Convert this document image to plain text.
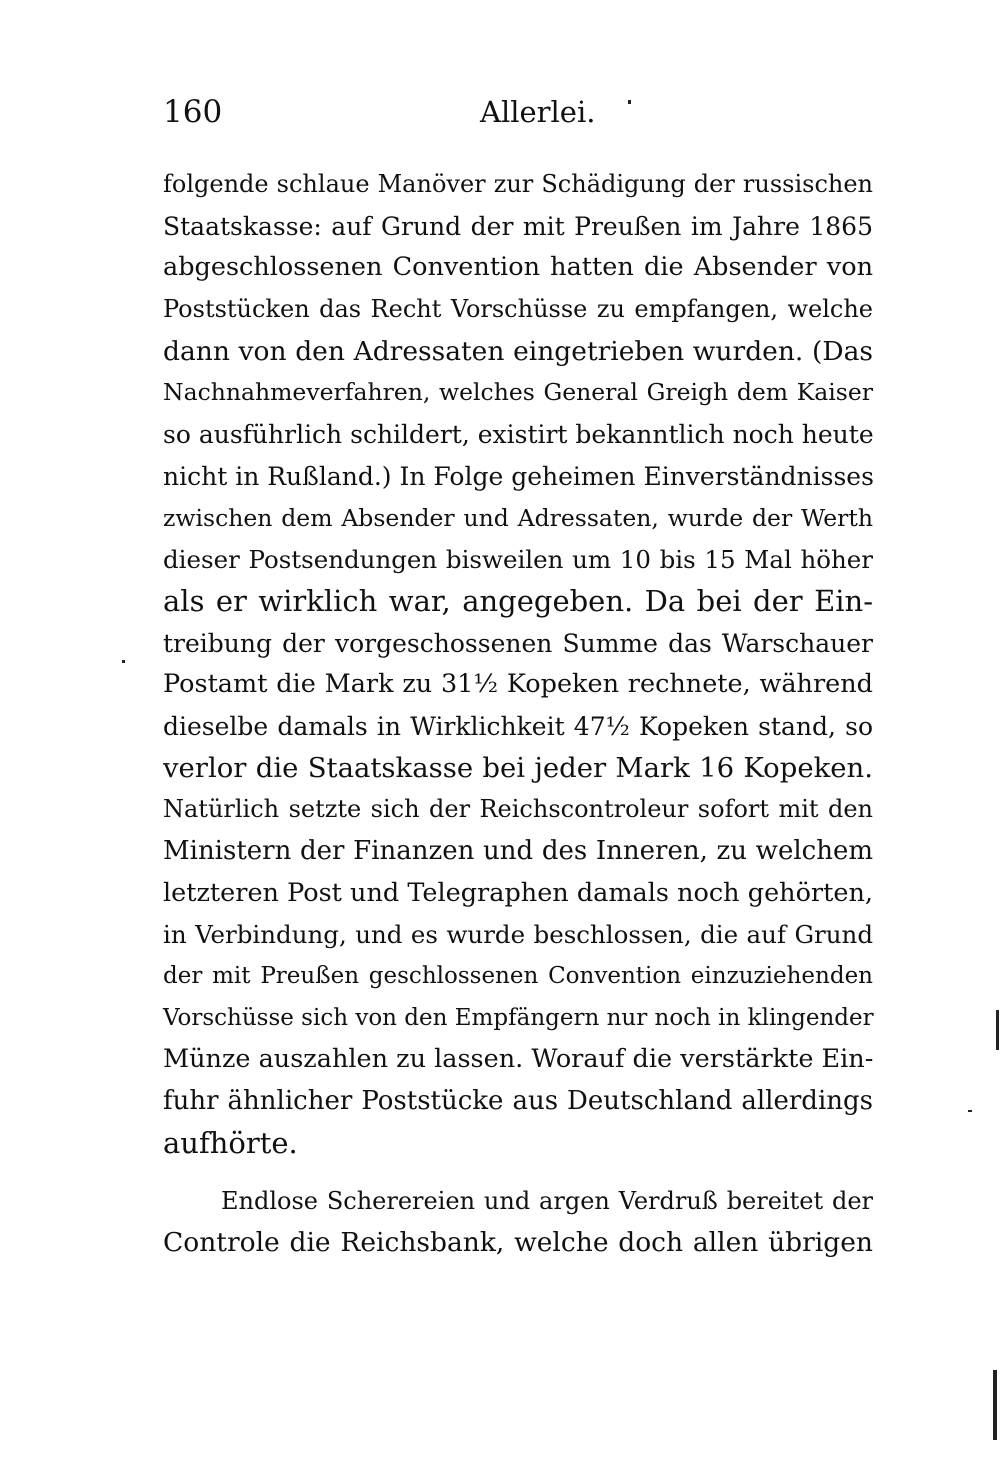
160	Allerlei.
folgende schlaue Manöver zur Schädigung der russischen
Staatskasse: auf Grund der mit Preußen im Jahre 1865
abgeschlossenen Convention hatten die Absender von
Poststücken das Recht Vorschüsse zu empfangen, welche
dann von den Adressaten eingetrieben wurden. (Das
Nachnahmeverfahren, welches General Greigh dem Kaiser
so ausführlich schildert, existirt bekanntlich noch heute
nicht in Rußland.) In Folge geheimen Einverständnisses
zwischen dem Absender und Adressaten, wurde der Werth
dieser Postsendungen bisweilen um 10 bis 15 Mal höher
als er wirklich war, angegeben. Da bei der Ein-
treibung der vorgeschossenen Summe das Warschauer
Postamt die Mark zu 31½ Kopeken rechnete, während
dieselbe damals in Wirklichkeit 47½ Kopeken stand, so
verlor die Staatskasse bei jeder Mark 16 Kopeken.
Natürlich setzte sich der Reichscontroleur sofort mit den
Ministern der Finanzen und des Inneren, zu welchem
letzteren Post und Telegraphen damals noch gehörten,
in Verbindung, und es wurde beschlossen, die auf Grund
der mit Preußen geschlossenen Convention einzuziehenden
Vorschüsse sich von den Empfängern nur noch in klingender
Münze auszahlen zu lassen. Worauf die verstärkte Ein-
fuhr ähnlicher Poststücke aus Deutschland allerdings
aufhörte.
Endlose Scherereien und argen Verdruß bereitet der
Controle die Reichsbank, welche doch allen übrigen
